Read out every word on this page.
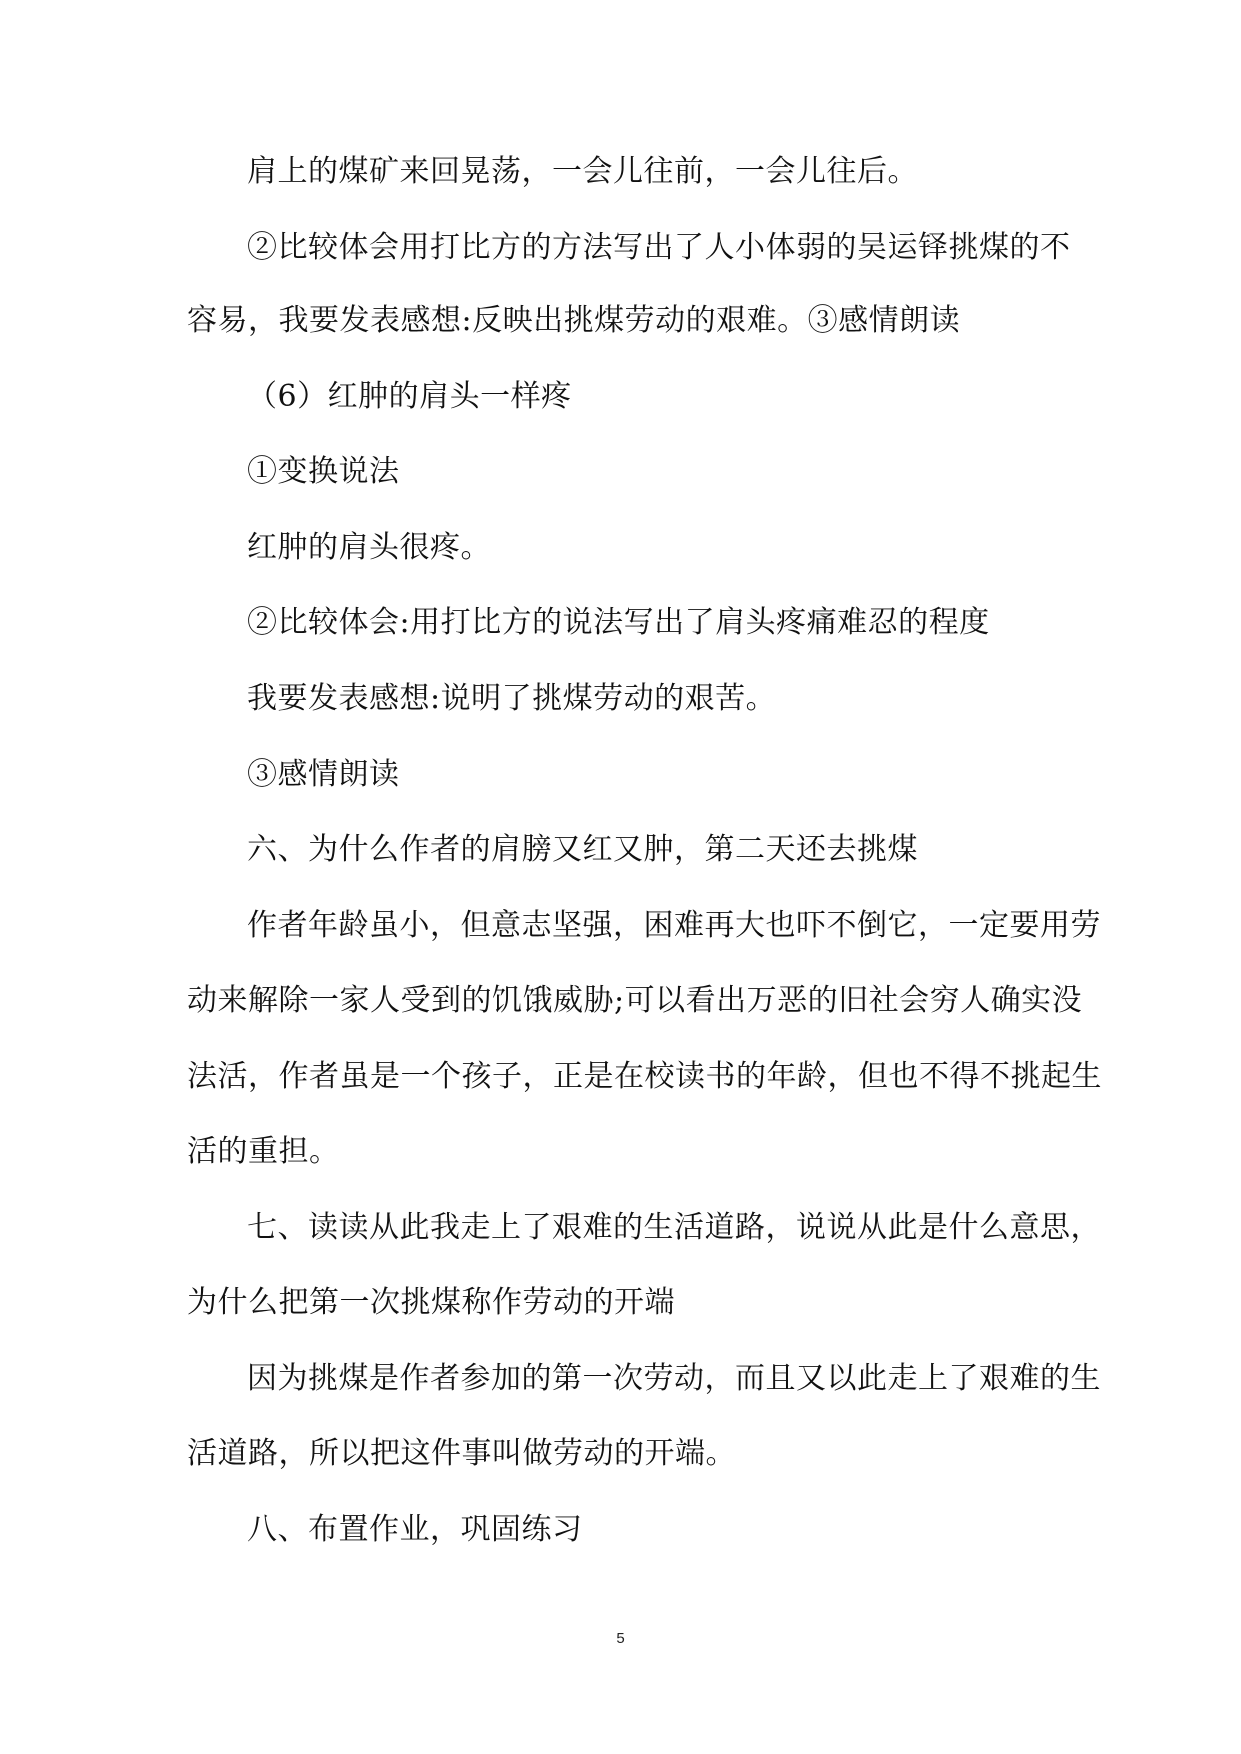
肩上的煤矿来回晃荡，一会儿往前，一会儿往后。
②比较体会用打比方的方法写出了人小体弱的吴运铎挑煤的不
容易，我要发表感想:反映出挑煤劳动的艰难。③感情朗读
（6）红肿的肩头一样疼
①变换说法
红肿的肩头很疼。
②比较体会:用打比方的说法写出了肩头疼痛难忍的程度
我要发表感想:说明了挑煤劳动的艰苦。
③感情朗读
六、为什么作者的肩膀又红又肿，第二天还去挑煤
作者年龄虽小，但意志坚强，困难再大也吓不倒它，一定要用劳
动来解除一家人受到的饥饿威胁;可以看出万恶的旧社会穷人确实没
法活，作者虽是一个孩子，正是在校读书的年龄，但也不得不挑起生
活的重担。
七、读读从此我走上了艰难的生活道路，说说从此是什么意思，
为什么把第一次挑煤称作劳动的开端
因为挑煤是作者参加的第一次劳动，而且又以此走上了艰难的生
活道路，所以把这件事叫做劳动的开端。
八、布置作业，巩固练习
5
